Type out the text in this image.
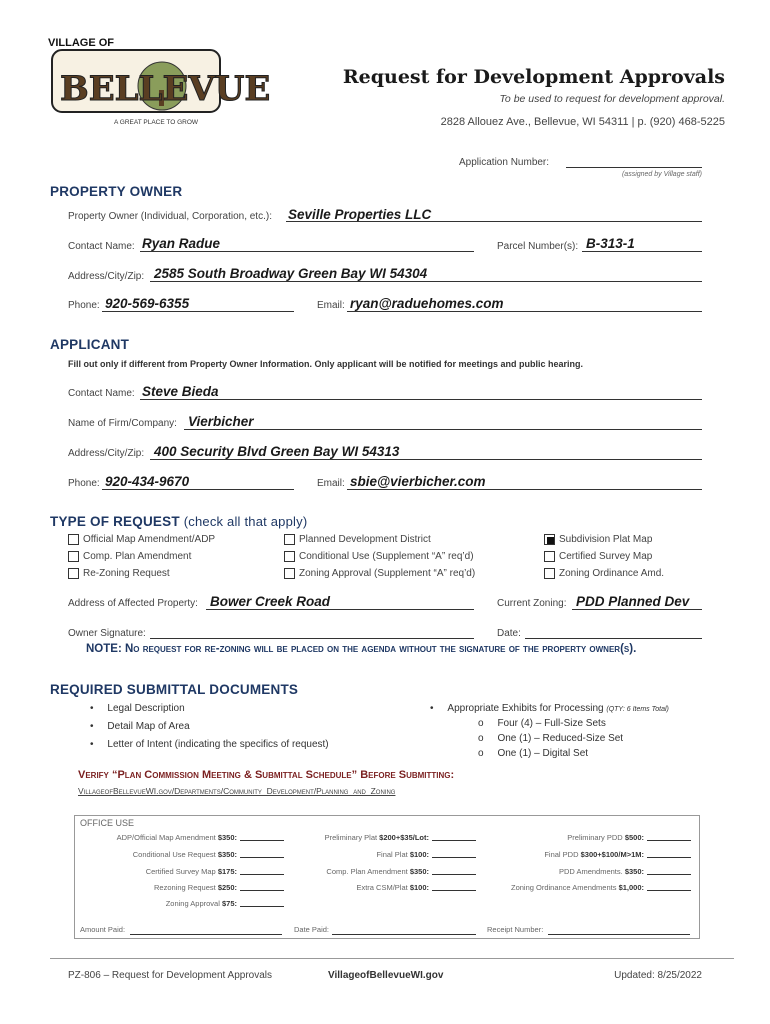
VILLAGE OF
BELLEVUE
A GREAT PLACE TO GROW
Request for Development Approvals
To be used to request for development approval.
2828 Allouez Ave., Bellevue, WI 54311 | p. (920) 468-5225
Application Number:
(assigned by Village staff)
PROPERTY OWNER
Property Owner (Individual, Corporation, etc.): Seville Properties LLC
Contact Name: Ryan Radue	Parcel Number(s): B-313-1
Address/City/Zip: 2585 South Broadway Green Bay WI 54304
Phone: 920-569-6355	Email: ryan@raduehomes.com
APPLICANT
Fill out only if different from Property Owner Information. Only applicant will be notified for meetings and public hearing.
Contact Name: Steve Bieda
Name of Firm/Company: Vierbicher
Address/City/Zip: 400 Security Blvd Green Bay WI 54313
Phone: 920-434-9670	Email: sbie@vierbicher.com
TYPE OF REQUEST (check all that apply)
Official Map Amendment/ADP
Comp. Plan Amendment
Re-Zoning Request
Planned Development District
Conditional Use (Supplement “A” req’d)
Zoning Approval (Supplement “A” req’d)
Subdivision Plat Map
Certified Survey Map
Zoning Ordinance Amd.
Address of Affected Property: Bower Creek Road	Current Zoning: PDD Planned Dev
Owner Signature:	Date:
NOTE: No request for re-zoning will be placed on the agenda without the signature of the property owner(s).
REQUIRED SUBMITTAL DOCUMENTS
•     Legal Description
•     Detail Map of Area
•     Letter of Intent (indicating the specifics of request)
•     Appropriate Exhibits for Processing (QTY: 6 Items Total)
o     Four (4) – Full-Size Sets
o     One (1) – Reduced-Size Set
o     One (1) – Digital Set
Verify “Plan Commission Meeting & Submittal Schedule” Before Submitting:
VillageofBellevueWI.gov/Departments/Community_Development/Planning_and_Zoning
OFFICE USE
ADP/Official Map Amendment $350:
Conditional Use Request $350:
Certified Survey Map $175:
Rezoning Request $250:
Zoning Approval $75:
Preliminary Plat $200+$35/Lot:
Final Plat $100:
Comp. Plan Amendment $350:
Extra CSM/Plat $100:
Preliminary PDD $500:
Final PDD $300+$100/M>1M:
PDD Amendments. $350:
Zoning Ordinance Amendments $1,000:
Amount Paid:	Date Paid:	Receipt Number:
PZ-806 – Request for Development Approvals	VillageofBellevueWI.gov	Updated: 8/25/2022
